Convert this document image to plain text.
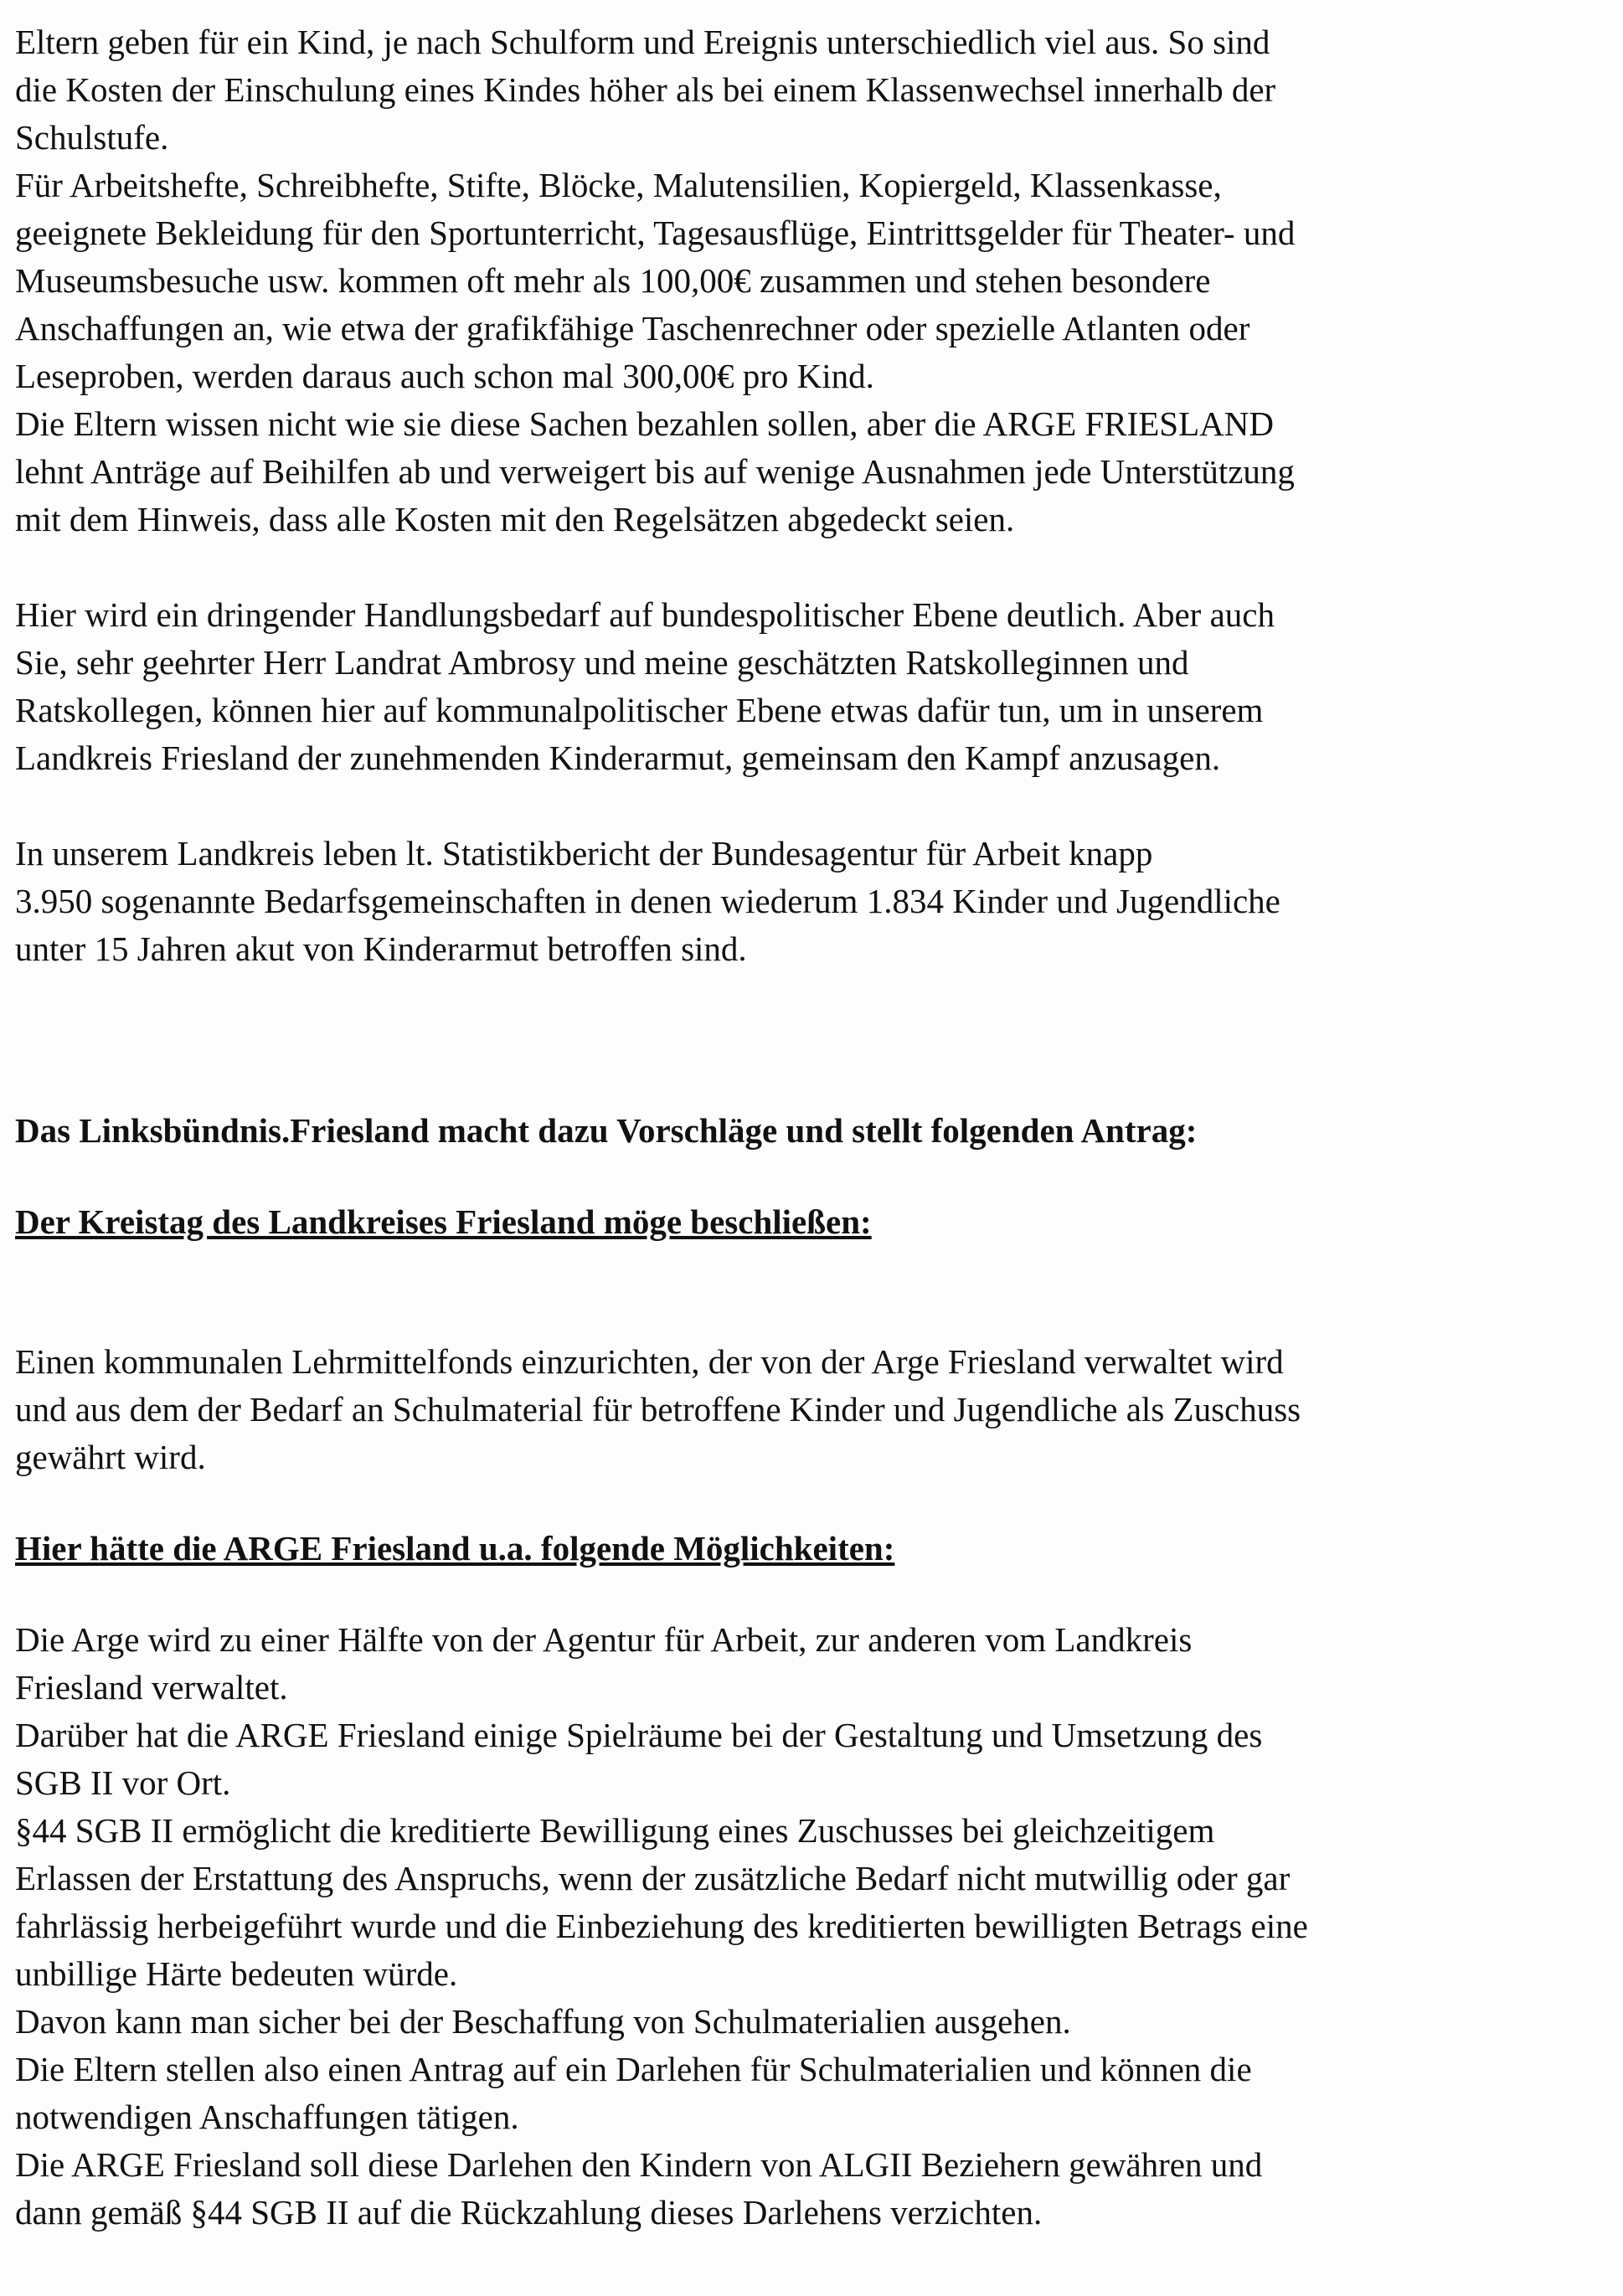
Eltern geben für ein Kind, je nach Schulform und Ereignis unterschiedlich viel aus. So sind
die Kosten der Einschulung eines Kindes höher als bei einem Klassenwechsel innerhalb der
Schulstufe.
Für Arbeitshefte, Schreibhefte, Stifte, Blöcke, Malutensilien, Kopiergeld, Klassenkasse,
geeignete Bekleidung für den Sportunterricht, Tagesausflüge, Eintrittsgelder für Theater- und
Museumsbesuche usw. kommen oft mehr als 100,00€ zusammen und stehen besondere
Anschaffungen an, wie etwa der grafikfähige Taschenrechner oder spezielle Atlanten oder
Leseproben, werden daraus auch schon mal 300,00€ pro Kind.
Die Eltern wissen nicht wie sie diese Sachen bezahlen sollen, aber die ARGE FRIESLAND
lehnt Anträge auf Beihilfen ab und verweigert bis auf wenige Ausnahmen jede Unterstützung
mit dem Hinweis, dass alle Kosten mit den Regelsätzen abgedeckt seien.

Hier wird ein dringender Handlungsbedarf auf bundespolitischer Ebene deutlich. Aber auch
Sie, sehr geehrter Herr Landrat Ambrosy und meine geschätzten Ratskolleginnen und
Ratskollegen, können hier auf kommunalpolitischer Ebene etwas dafür tun, um in unserem
Landkreis Friesland der zunehmenden Kinderarmut, gemeinsam den Kampf anzusagen.

In unserem Landkreis leben lt. Statistikbericht der Bundesagentur für Arbeit knapp
3.950 sogenannte Bedarfsgemeinschaften in denen wiederum 1.834 Kinder und Jugendliche
unter 15 Jahren akut von Kinderarmut betroffen sind.

Das Linksbündnis.Friesland macht dazu Vorschläge und stellt folgenden Antrag:

Der Kreistag des Landkreises Friesland möge beschließen:

Einen kommunalen Lehrmittelfonds einzurichten, der von der Arge Friesland verwaltet wird
und aus dem der Bedarf an Schulmaterial für betroffene Kinder und Jugendliche als Zuschuss
gewährt wird.

Hier hätte die ARGE Friesland u.a. folgende Möglichkeiten:

Die Arge wird zu einer Hälfte von der Agentur für Arbeit, zur anderen vom Landkreis
Friesland verwaltet.
Darüber hat die ARGE Friesland einige Spielräume bei der Gestaltung und Umsetzung des
SGB II vor Ort.
§44 SGB II ermöglicht die kreditierte Bewilligung eines Zuschusses bei gleichzeitigem
Erlassen der Erstattung des Anspruchs, wenn der zusätzliche Bedarf nicht mutwillig oder gar
fahrlässig herbeigeführt wurde und die Einbeziehung des kreditierten bewilligten Betrags eine
unbillige Härte bedeuten würde.
Davon kann man sicher bei der Beschaffung von Schulmaterialien ausgehen.
Die Eltern stellen also einen Antrag auf ein Darlehen für Schulmaterialien und können die
notwendigen Anschaffungen tätigen.
Die ARGE Friesland soll diese Darlehen den Kindern von ALGII Beziehern gewähren und
dann gemäß §44 SGB II auf die Rückzahlung dieses Darlehens verzichten.
